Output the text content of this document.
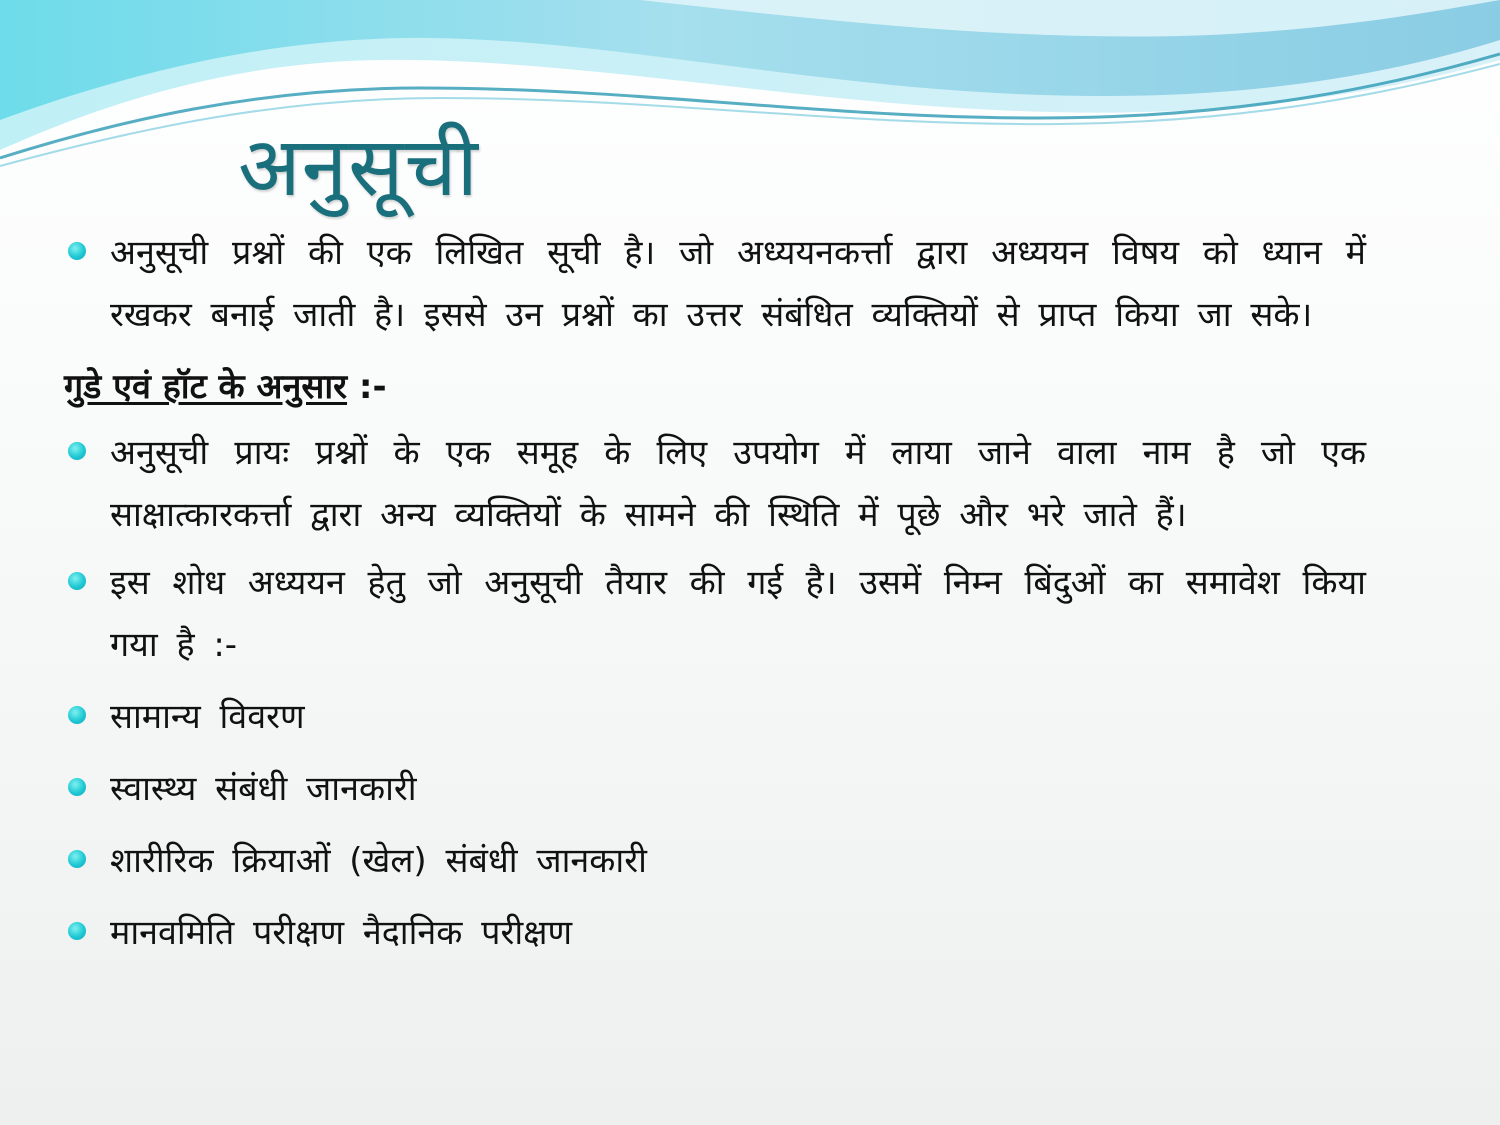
अनुसूची

अनुसूची प्रश्नों की एक लिखित सूची है। जो अध्ययनकर्त्ता द्वारा अध्ययन विषय को ध्यान में रखकर बनाई जाती है। इससे उन प्रश्नों का उत्तर संबंधित व्यक्तियों से प्राप्त किया जा सके।

गुडे एवं हॉट के अनुसार :-

अनुसूची प्रायः प्रश्नों के एक समूह के लिए उपयोग में लाया जाने वाला नाम है जो एक साक्षात्कारकर्त्ता द्वारा अन्य व्यक्तियों के सामने की स्थिति में पूछे और भरे जाते हैं।

इस शोध अध्ययन हेतु जो अनुसूची तैयार की गई है। उसमें निम्न बिंदुओं का समावेश किया गया है :-

सामान्य विवरण

स्वास्थ्य संबंधी जानकारी

शारीरिक क्रियाओं (खेल) संबंधी जानकारी

मानवमिति परीक्षण नैदानिक परीक्षण
